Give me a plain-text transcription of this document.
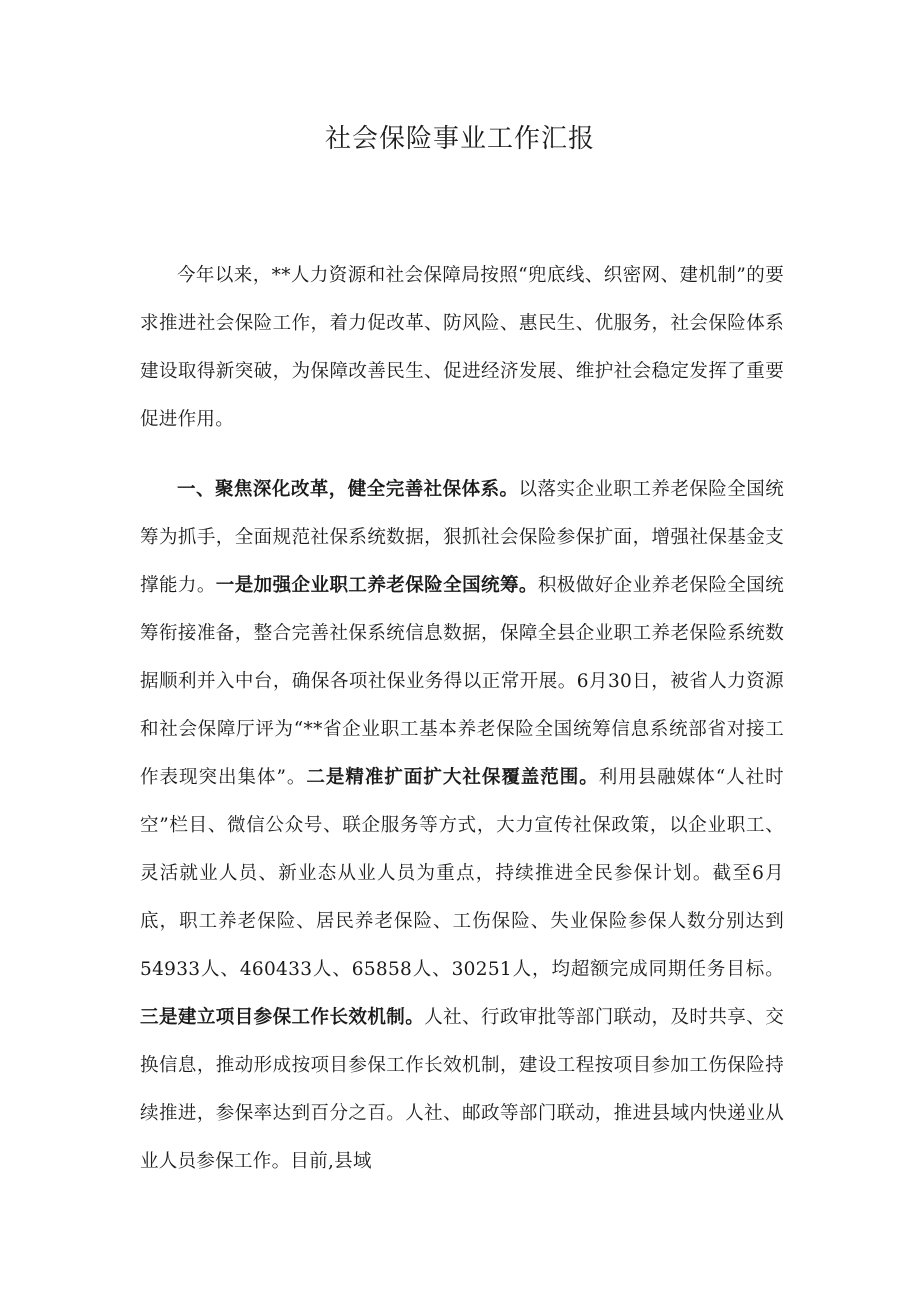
社会保险事业工作汇报

今年以来，**人力资源和社会保障局按照“兜底线、织密网、建机制”的要求推进社会保险工作，着力促改革、防风险、惠民生、优服务，社会保险体系建设取得新突破，为保障改善民生、促进经济发展、维护社会稳定发挥了重要促进作用。

一、聚焦深化改革，健全完善社保体系。以落实企业职工养老保险全国统筹为抓手，全面规范社保系统数据，狠抓社会保险参保扩面，增强社保基金支撑能力。一是加强企业职工养老保险全国统筹。积极做好企业养老保险全国统筹衔接准备，整合完善社保系统信息数据，保障全县企业职工养老保险系统数据顺利并入中台，确保各项社保业务得以正常开展。6月30日，被省人力资源和社会保障厅评为“**省企业职工基本养老保险全国统筹信息系统部省对接工作表现突出集体”。二是精准扩面扩大社保覆盖范围。利用县融媒体“人社时空”栏目、微信公众号、联企服务等方式，大力宣传社保政策，以企业职工、灵活就业人员、新业态从业人员为重点，持续推进全民参保计划。截至6月底，职工养老保险、居民养老保险、工伤保险、失业保险参保人数分别达到54933人、460433人、65858人、30251人，均超额完成同期任务目标。三是建立项目参保工作长效机制。人社、行政审批等部门联动，及时共享、交换信息，推动形成按项目参保工作长效机制，建设工程按项目参加工伤保险持续推进，参保率达到百分之百。人社、邮政等部门联动，推进县域内快递业从业人员参保工作。目前,县域
